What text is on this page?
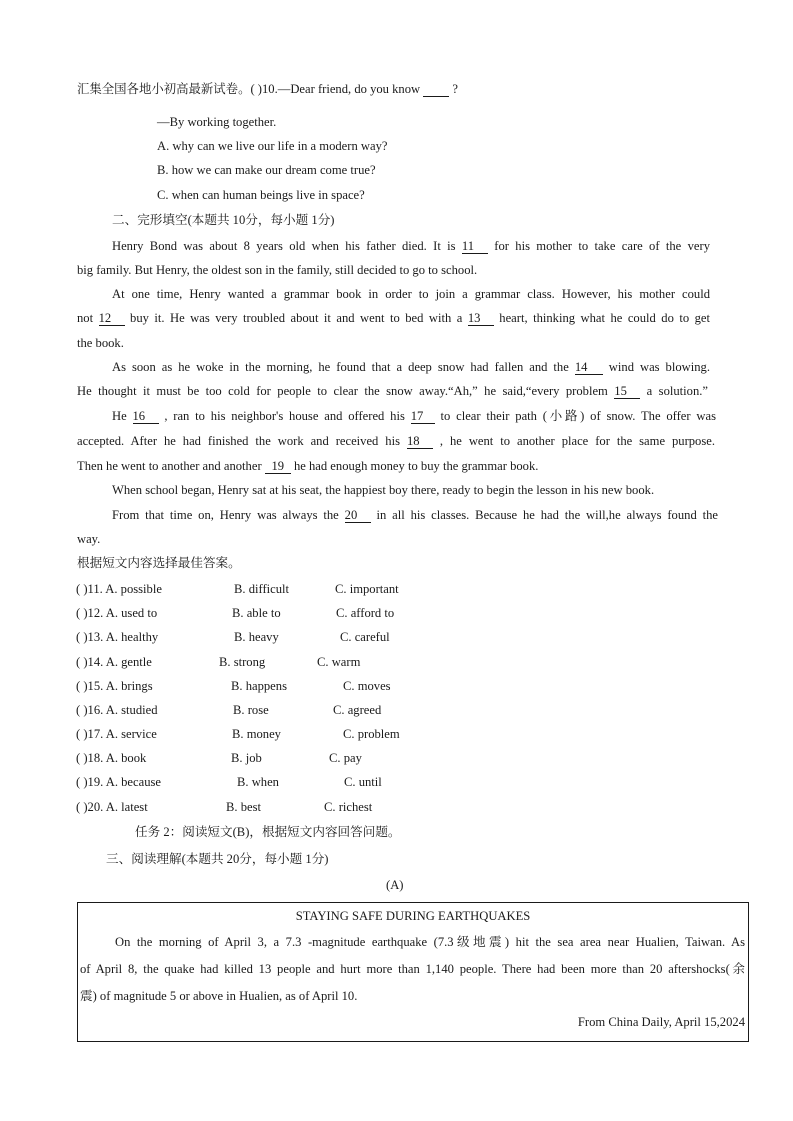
汇集全国各地小初高最新试卷。( )10.—Dear friend, do you know   ?
—By working together.
A. why can we live our life in a modern way?
B. how we can make our dream come true?
C. when can human beings live in space?
二、完形填空(本题共 10分，每小题 1分)
Henry Bond was about 8 years old when his father died. It is 11 for his mother to take care of the very
big family. But Henry, the oldest son in the family, still decided to go to school.
At one time, Henry wanted a grammar book in order to join a grammar class. However, his mother could
not 12 buy it. He was very troubled about it and went to bed with a 13 heart, thinking what he could do to get
the book.
As soon as he woke in the morning, he found that a deep snow had fallen and the 14 wind was blowing.
He thought it must be too cold for people to clear the snow away.“Ah,” he said,“every problem 15 a solution.”
He 16 , ran to his neighbor's house and offered his 17 to clear their path (小路) of snow. The offer was
accepted. After he had finished the work and received his 18 , he went to another place for the same purpose.
Then he went to another and another 19 he had enough money to buy the grammar book.
When school began, Henry sat at his seat, the happiest boy there, ready to begin the lesson in his new book.
From that time on, Henry was always the 20 in all his classes. Because he had the will,he always found the
way.
根据短文内容选择最佳答案。
( )11. A. possible	B. difficult	C. important
( )12. A. used to	B. able to	C. afford to
( )13. A. healthy	B. heavy	C. careful
( )14. A. gentle	B. strong	C. warm
( )15. A. brings	B. happens	C. moves
( )16. A. studied	B. rose	C. agreed
( )17. A. service	B. money	C. problem
( )18. A. book	B. job	C. pay
( )19. A. because	B. when	C. until
( )20. A. latest	B. best	C. richest
任务 2：阅读短文(B)，根据短文内容回答问题。
三、阅读理解(本题共 20分，每小题 1分)
(A)
STAYING SAFE DURING EARTHQUAKES
On the morning of April 3, a 7.3 -magnitude earthquake (7.3级地震) hit the sea area near Hualien, Taiwan. As
of April 8, the quake had killed 13 people and hurt more than 1,140 people. There had been more than 20 aftershocks(余
震) of magnitude 5 or above in Hualien, as of April 10.
From China Daily, April 15,2024
